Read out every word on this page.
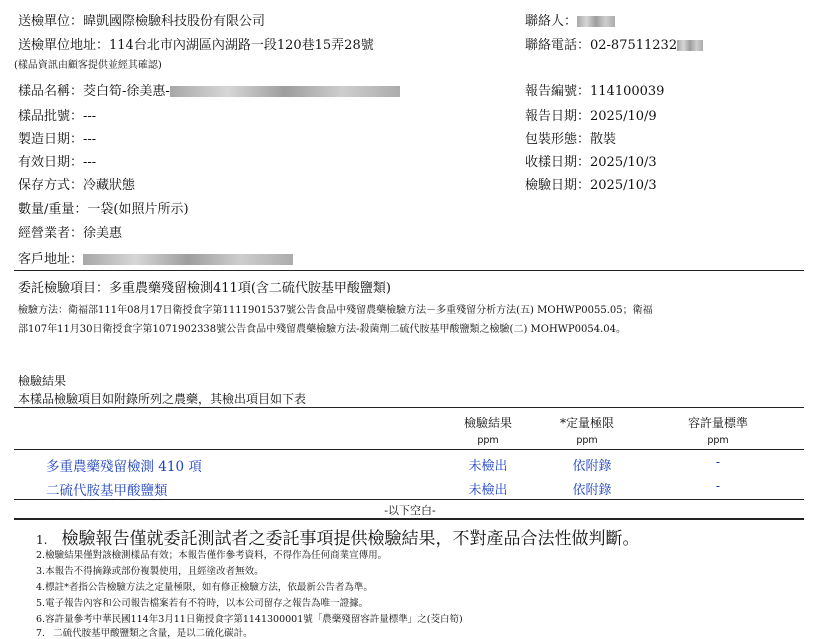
送檢單位：暐凱國際檢驗科技股份有限公司
送檢單位地址：114台北市內湖區內湖路一段120巷15弄28號
(樣品資訊由顧客提供並經其確認)
聯絡人：
聯絡電話：02-87511232
樣品名稱：茭白筍-徐美惠-
樣品批號：---
製造日期：---
有效日期：---
保存方式：冷藏狀態
數量/重量：一袋(如照片所示)
經營業者：徐美惠
客戶地址：
報告編號：114100039
報告日期：2025/10/9
包裝形態：散裝
收樣日期：2025/10/3
檢驗日期：2025/10/3
委託檢驗項目：多重農藥殘留檢測411項(含二硫代胺基甲酸鹽類)
檢驗方法：衛福部111年08月17日衛授食字第1111901537號公告食品中殘留農藥檢驗方法－多重殘留分析方法(五) MOHWP0055.05；衛福
部107年11月30日衛授食字第1071902338號公告食品中殘留農藥檢驗方法-殺菌劑二硫代胺基甲酸鹽類之檢驗(二) MOHWP0054.04。
檢驗結果
本樣品檢驗項目如附錄所列之農藥，其檢出項目如下表
檢驗結果	*定量極限	容許量標準
ppm	ppm	ppm
多重農藥殘留檢測 410 項	未檢出	依附錄	-
二硫代胺基甲酸鹽類	未檢出	依附錄	-
-以下空白-
1. 檢驗報告僅就委託測試者之委託事項提供檢驗結果，不對產品合法性做判斷。
2.檢驗結果僅對該檢測樣品有效；本報告僅作參考資料，不得作為任何商業宣傳用。
3.本報告不得摘錄或部份複製使用，且經塗改者無效。
4.標註*者指公告檢驗方法之定量極限，如有修正檢驗方法，依最新公告者為準。
5.電子報告內容和公司報告檔案若有不符時，以本公司留存之報告為唯一證據。
6.容許量參考中華民國114年3月11日衛授食字第1141300001號「農藥殘留容許量標準」之(茭白筍)
7. 二硫代胺基甲酸鹽類之含量，是以二硫化碳計。
